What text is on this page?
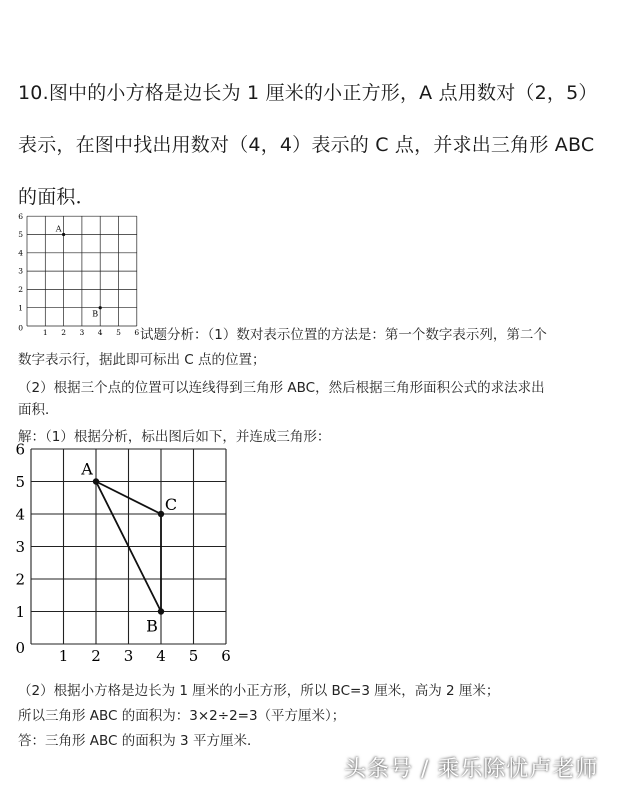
10.图中的小方格是边长为 1 厘米的小正方形，A 点用数对（2，5）
表示，在图中找出用数对（4，4）表示的 C 点，并求出三角形 ABC
的面积．
1 2 3 4 5 6
1
2
3
4
5
6
0
A
B
试题分析：（1）数对表示位置的方法是：第一个数字表示列，第二个
数字表示行，据此即可标出 C 点的位置；
（2）根据三个点的位置可以连线得到三角形 ABC，然后根据三角形面积公式的求法求出
面积．
解：（1）根据分析，标出图后如下，并连成三角形：
1 2 3 4 5 6
1
2
3
4
5
6
0
A
C
B
（2）根据小方格是边长为 1 厘米的小正方形，所以 BC=3 厘米，高为 2 厘米；
所以三角形 ABC 的面积为：3×2÷2=3（平方厘米）；
答：三角形 ABC 的面积为 3 平方厘米．
头条号 / 乘乐除忧卢老师
